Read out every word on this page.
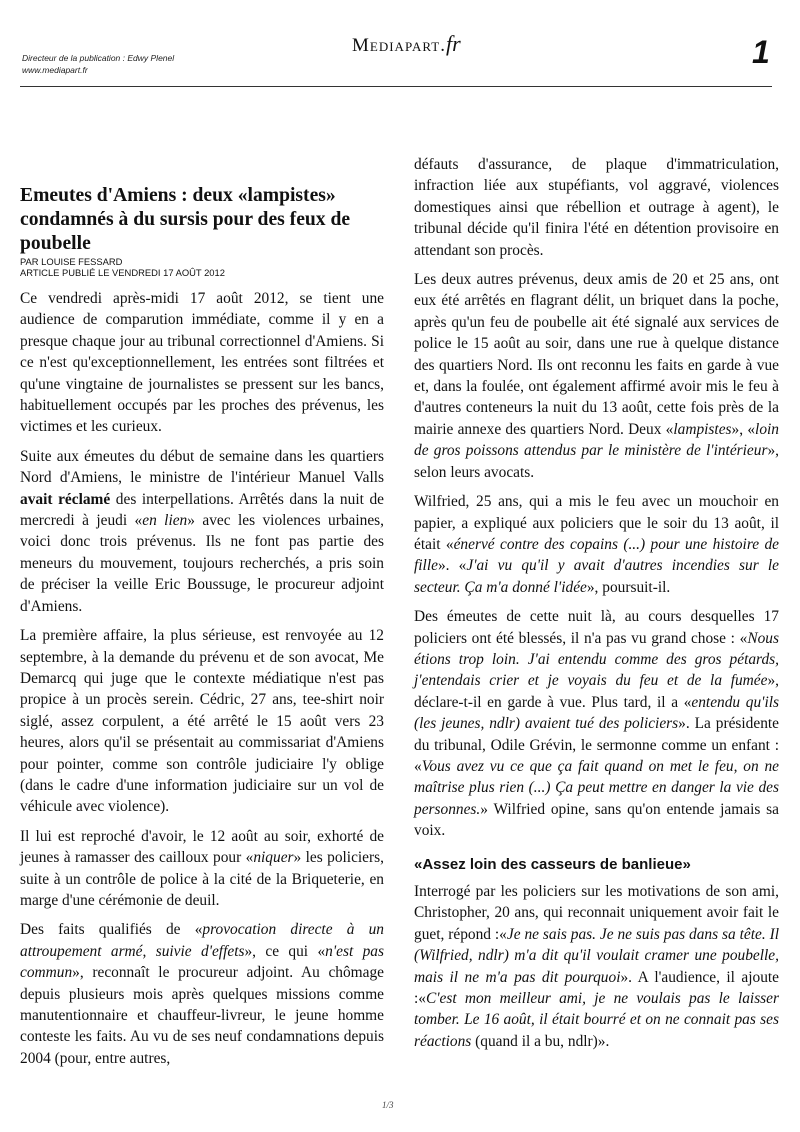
Directeur de la publication : Edwy Plenel
www.mediapart.fr
Mediapart.fr	1
Emeutes d'Amiens : deux «lampistes» condamnés à du sursis pour des feux de poubelle
PAR LOUISE FESSARD
ARTICLE PUBLIÉ LE VENDREDI 17 AOÛT 2012

Ce vendredi après-midi 17 août 2012, se tient une audience de comparution immédiate, comme il y en a presque chaque jour au tribunal correctionnel d'Amiens. Si ce n'est qu'exceptionnellement, les entrées sont filtrées et qu'une vingtaine de journalistes se pressent sur les bancs, habituellement occupés par les proches des prévenus, les victimes et les curieux.

Suite aux émeutes du début de semaine dans les quartiers Nord d'Amiens, le ministre de l'intérieur Manuel Valls avait réclamé des interpellations. Arrêtés dans la nuit de mercredi à jeudi «en lien» avec les violences urbaines, voici donc trois prévenus. Ils ne font pas partie des meneurs du mouvement, toujours recherchés, a pris soin de préciser la veille Eric Boussuge, le procureur adjoint d'Amiens.

La première affaire, la plus sérieuse, est renvoyée au 12 septembre, à la demande du prévenu et de son avocat, Me Demarcq qui juge que le contexte médiatique n'est pas propice à un procès serein. Cédric, 27 ans, tee-shirt noir siglé, assez corpulent, a été arrêté le 15 août vers 23 heures, alors qu'il se présentait au commissariat d'Amiens pour pointer, comme son contrôle judiciaire l'y oblige (dans le cadre d'une information judiciaire sur un vol de véhicule avec violence).

Il lui est reproché d'avoir, le 12 août au soir, exhorté de jeunes à ramasser des cailloux pour «niquer» les policiers, suite à un contrôle de police à la cité de la Briqueterie, en marge d'une cérémonie de deuil.

Des faits qualifiés de «provocation directe à un attroupement armé, suivie d'effets», ce qui «n'est pas commun», reconnaît le procureur adjoint. Au chômage depuis plusieurs mois après quelques missions comme manutentionnaire et chauffeur-livreur, le jeune homme conteste les faits. Au vu de ses neuf condamnations depuis 2004 (pour, entre autres,

défauts d'assurance, de plaque d'immatriculation, infraction liée aux stupéfiants, vol aggravé, violences domestiques ainsi que rébellion et outrage à agent), le tribunal décide qu'il finira l'été en détention provisoire en attendant son procès.

Les deux autres prévenus, deux amis de 20 et 25 ans, ont eux été arrêtés en flagrant délit, un briquet dans la poche, après qu'un feu de poubelle ait été signalé aux services de police le 15 août au soir, dans une rue à quelque distance des quartiers Nord. Ils ont reconnu les faits en garde à vue et, dans la foulée, ont également affirmé avoir mis le feu à d'autres conteneurs la nuit du 13 août, cette fois près de la mairie annexe des quartiers Nord. Deux «lampistes», «loin de gros poissons attendus par le ministère de l'intérieur», selon leurs avocats.

Wilfried, 25 ans, qui a mis le feu avec un mouchoir en papier, a expliqué aux policiers que le soir du 13 août, il était «énervé contre des copains (...) pour une histoire de fille». «J'ai vu qu'il y avait d'autres incendies sur le secteur. Ça m'a donné l'idée», poursuit-il.

Des émeutes de cette nuit là, au cours desquelles 17 policiers ont été blessés, il n'a pas vu grand chose : «Nous étions trop loin. J'ai entendu comme des gros pétards, j'entendais crier et je voyais du feu et de la fumée», déclare-t-il en garde à vue. Plus tard, il a «entendu qu'ils (les jeunes, ndlr) avaient tué des policiers». La présidente du tribunal, Odile Grévin, le sermonne comme un enfant : «Vous avez vu ce que ça fait quand on met le feu, on ne maîtrise plus rien (...) Ça peut mettre en danger la vie des personnes.» Wilfried opine, sans qu'on entende jamais sa voix.

«Assez loin des casseurs de banlieue»

Interrogé par les policiers sur les motivations de son ami, Christopher, 20 ans, qui reconnait uniquement avoir fait le guet, répond :«Je ne sais pas. Je ne suis pas dans sa tête. Il (Wilfried, ndlr) m'a dit qu'il voulait cramer une poubelle, mais il ne m'a pas dit pourquoi». A l'audience, il ajoute :«C'est mon meilleur ami, je ne voulais pas le laisser tomber. Le 16 août, il était bourré et on ne connait pas ses réactions (quand il a bu, ndlr)».

1/3
